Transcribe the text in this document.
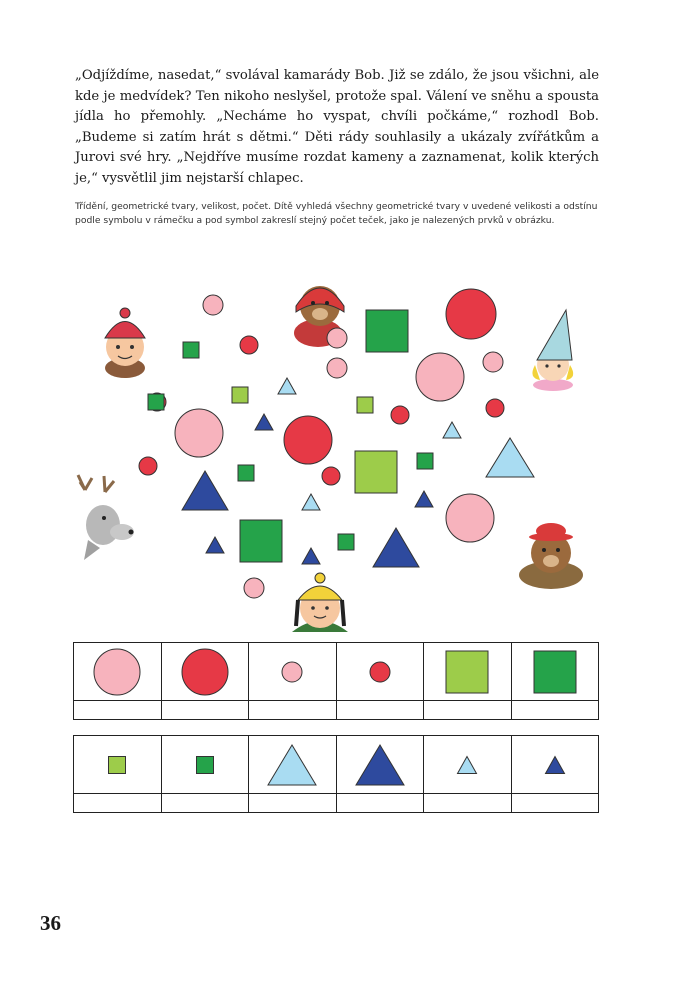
„Odjíždíme, nasedat,“ svolával kamarády Bob. Již se zdálo, že jsou všichni, ale kde je medvídek? Ten nikoho neslyšel, protože spal. Válení ve sněhu a spousta jídla ho přemohly. „Necháme ho vyspat, chvíli počkáme,“ rozhodl Bob. „Budeme si zatím hrát s dětmi.“ Děti rády souhlasily a ukázaly zvířátkům a Jurovi své hry. „Nejdříve musíme rozdat kameny a zaznamenat, kolik kterých je,“ vysvětlil jim nejstarší chlapec.

Třídění, geometrické tvary, velikost, počet. Dítě vyhledá všechny geometrické tvary v uvedené velikosti a odstínu podle symbolu v rámečku a pod symbol zakreslí stejný počet teček, jako je nalezených prvků v obrázku.

36
